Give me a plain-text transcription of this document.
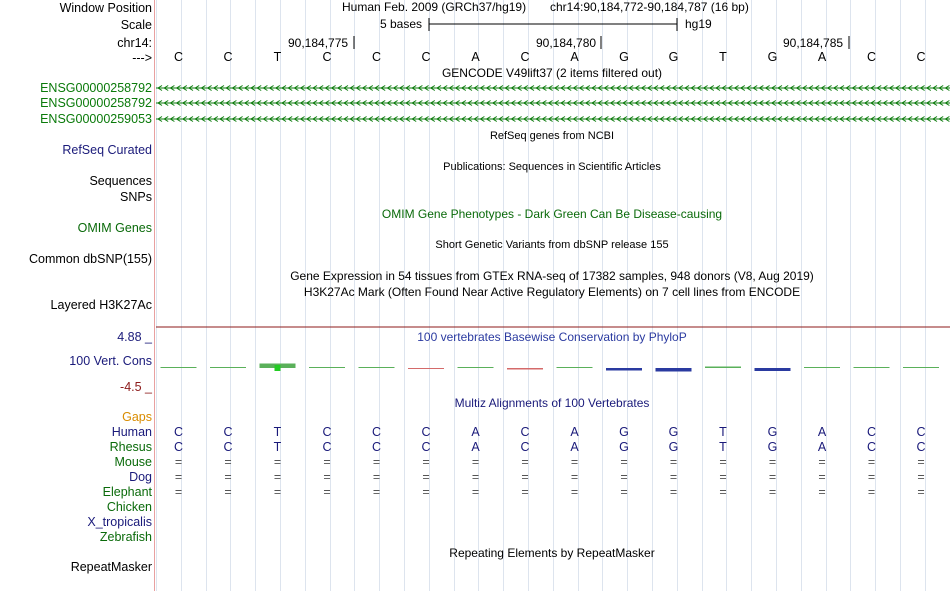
Window Position
Scale
chr14:
--->
Human Feb. 2009 (GRCh37/hg19) chr14:90,184,772-90,184,787 (16 bp)
5 bases	hg19
90,184,775	90,184,780	90,184,785
C	C	T	C	C	C	A	C	A	G	G	T	G	A	C	C
GENCODE V49lift37 (2 items filtered out)
ENSG00000258792
ENSG00000258792
ENSG00000259053
RefSeq genes from NCBI
RefSeq Curated
Publications: Sequences in Scientific Articles
Sequences
SNPs
OMIM Gene Phenotypes - Dark Green Can Be Disease-causing
OMIM Genes
Short Genetic Variants from dbSNP release 155
Common dbSNP(155)
Gene Expression in 54 tissues from GTEx RNA-seq of 17382 samples, 948 donors (V8, Aug 2019)
H3K27Ac Mark (Often Found Near Active Regulatory Elements) on 7 cell lines from ENCODE
Layered H3K27Ac
100 vertebrates Basewise Conservation by PhyloP
4.88 _
100 Vert. Cons
-4.5 _
Multiz Alignments of 100 Vertebrates
Gaps
Human C	C	T	C	C	C	A	C	A	G	G	T	G	A	C	C
Rhesus C	C	T	C	C	C	A	C	A	G	G	T	G	A	C	C
Mouse =	=	=	=	=	=	=	=	=	=	=	=	=	=	=	=
Dog =	=	=	=	=	=	=	=	=	=	=	=	=	=	=	=
Elephant =	=	=	=	=	=	=	=	=	=	=	=	=	=	=	=
Chicken
X_tropicalis
Zebrafish
Repeating Elements by RepeatMasker
RepeatMasker
